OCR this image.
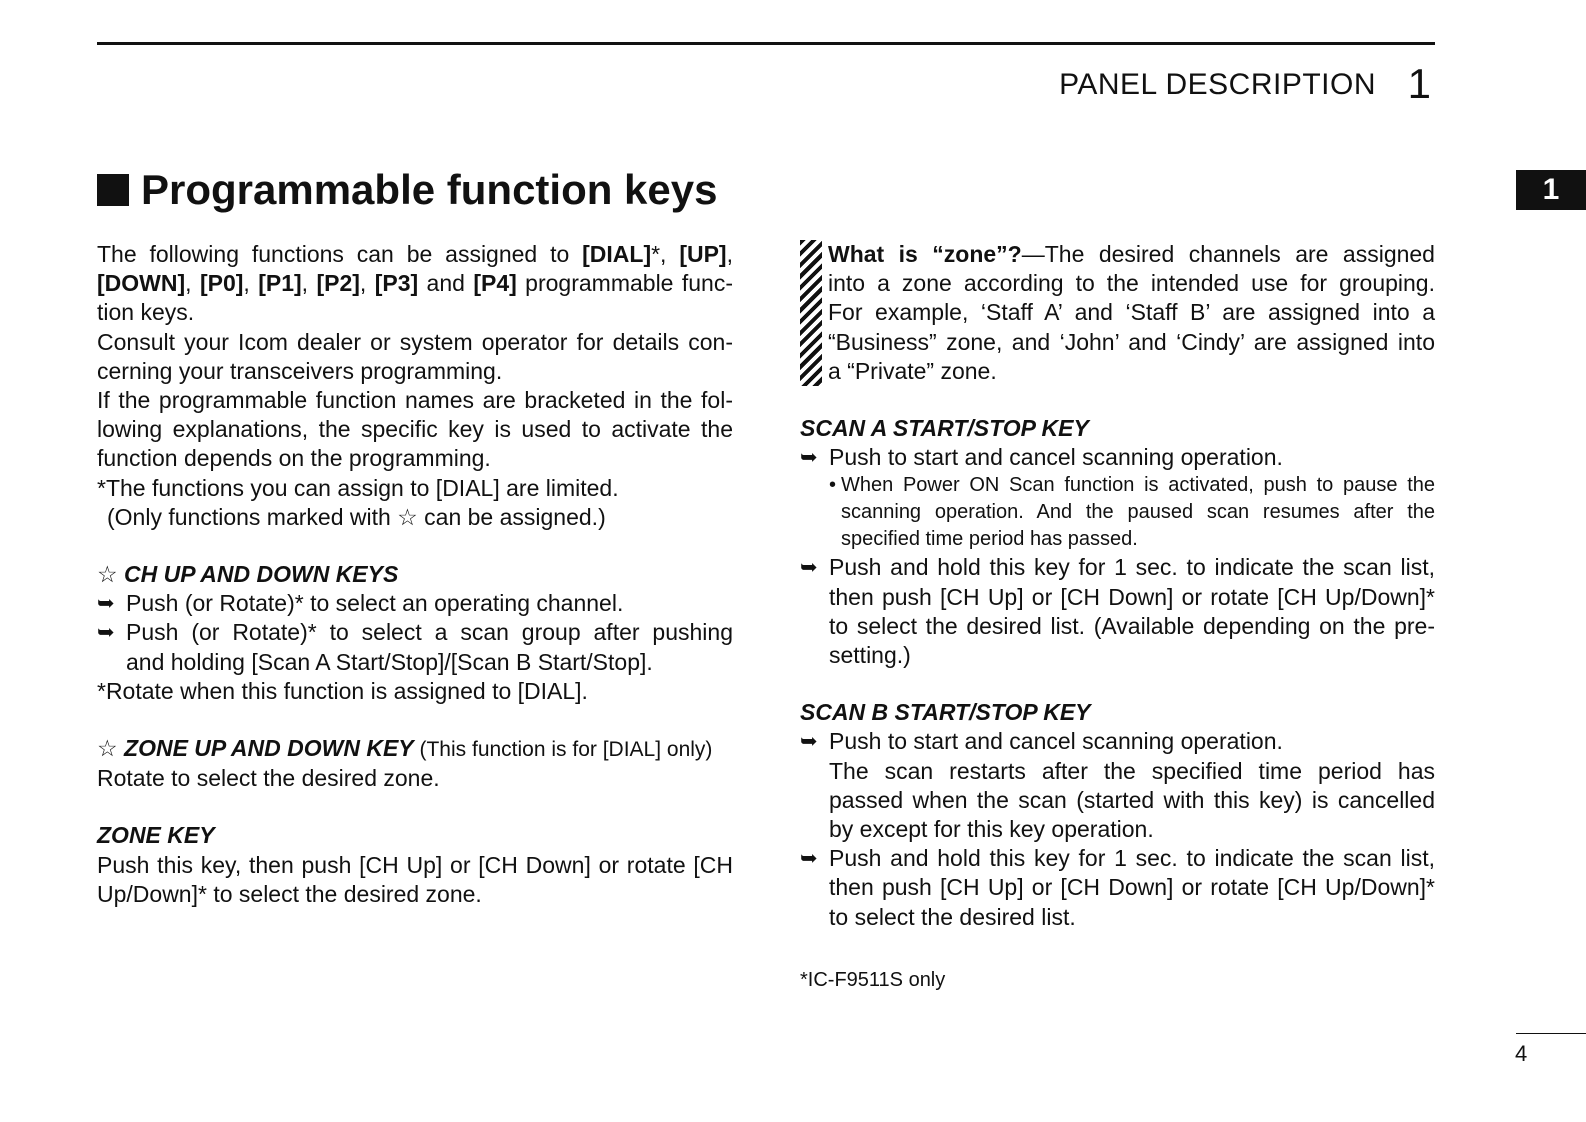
PANEL DESCRIPTION 1
1
Programmable function keys

The following functions can be assigned to [DIAL]*, [UP],

[DOWN], [P0], [P1], [P2], [P3] and [P4] programmable func-

tion keys.

Consult your Icom dealer or system operator for details con-

cerning your transceivers programming.

If the programmable function names are bracketed in the fol-

lowing explanations, the specific key is used to activate the

function depends on the programming.

*The functions you can assign to [DIAL] are limited.

(Only functions marked with ☆ can be assigned.)

☆ CH UP AND DOWN KEYS

➥ Push (or Rotate)* to select an operating channel.
➥ Push (or Rotate)* to select a scan group after pushing
and holding [Scan A Start/Stop]/[Scan B Start/Stop].

*Rotate when this function is assigned to [DIAL].

☆ ZONE UP AND DOWN KEY (This function is for [DIAL] only)

Rotate to select the desired zone.

ZONE KEY

Push this key, then push [CH Up] or [CH Down] or rotate [CH

Up/Down]* to select the desired zone.

What is “zone”?—The desired channels are assigned

into a zone according to the intended use for grouping.

For example, ‘Staff A’ and ‘Staff B’ are assigned into a

“Business” zone, and ‘John’ and ‘Cindy’ are assigned into

a “Private” zone.

SCAN A START/STOP KEY

➥ Push to start and cancel scanning operation.
• When Power ON Scan function is activated, push to pause the
scanning operation. And the paused scan resumes after the
specified time period has passed.
➥ Push and hold this key for 1 sec. to indicate the scan list,
then push [CH Up] or [CH Down] or rotate [CH Up/Down]*
to select the desired list. (Available depending on the pre-
setting.)

SCAN B START/STOP KEY

➥ Push to start and cancel scanning operation.

The scan restarts after the specified time period has

passed when the scan (started with this key) is cancelled

by except for this key operation.

➥ Push and hold this key for 1 sec. to indicate the scan list,
then push [CH Up] or [CH Down] or rotate [CH Up/Down]*
to select the desired list.

*IC-F9511S only

4
